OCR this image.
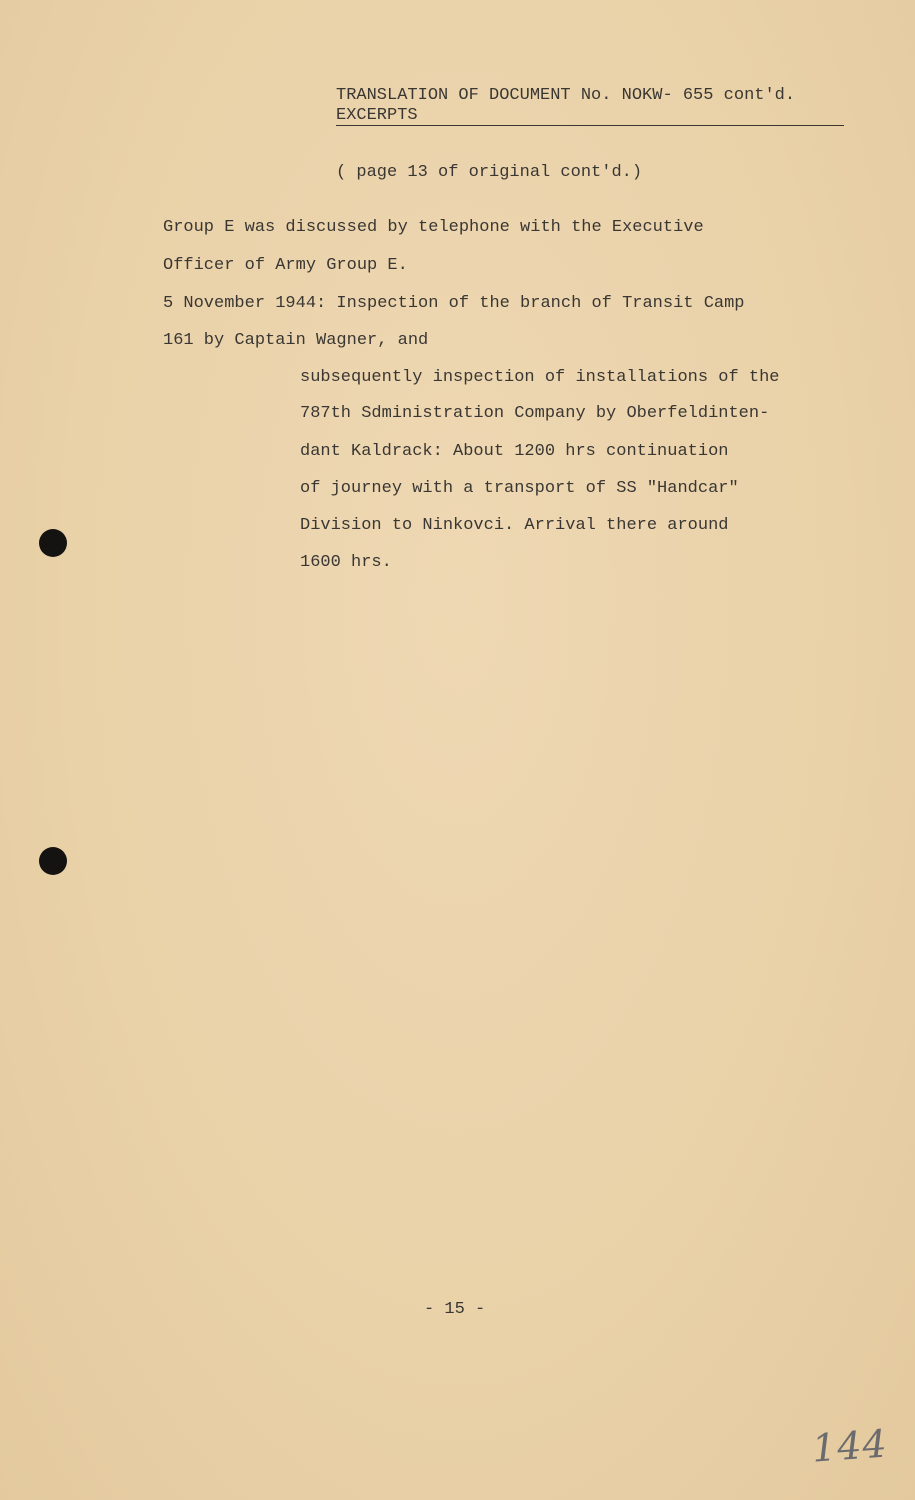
TRANSLATION OF DOCUMENT No. NOKW- 655 cont'd.
EXCERPTS
( page 13 of original cont'd.)
Group E was discussed by telephone with the Executive
Officer of Army Group E.
5 November 1944: Inspection of the branch of Transit Camp
161 by Captain Wagner, and
subsequently inspection of installations of the
787th Sdministration Company by Oberfeldinten-
dant Kaldrack: About 1200 hrs continuation
of journey with a transport of SS "Handcar"
Division to Ninkovci. Arrival there around
1600 hrs.
- 15 -
144
